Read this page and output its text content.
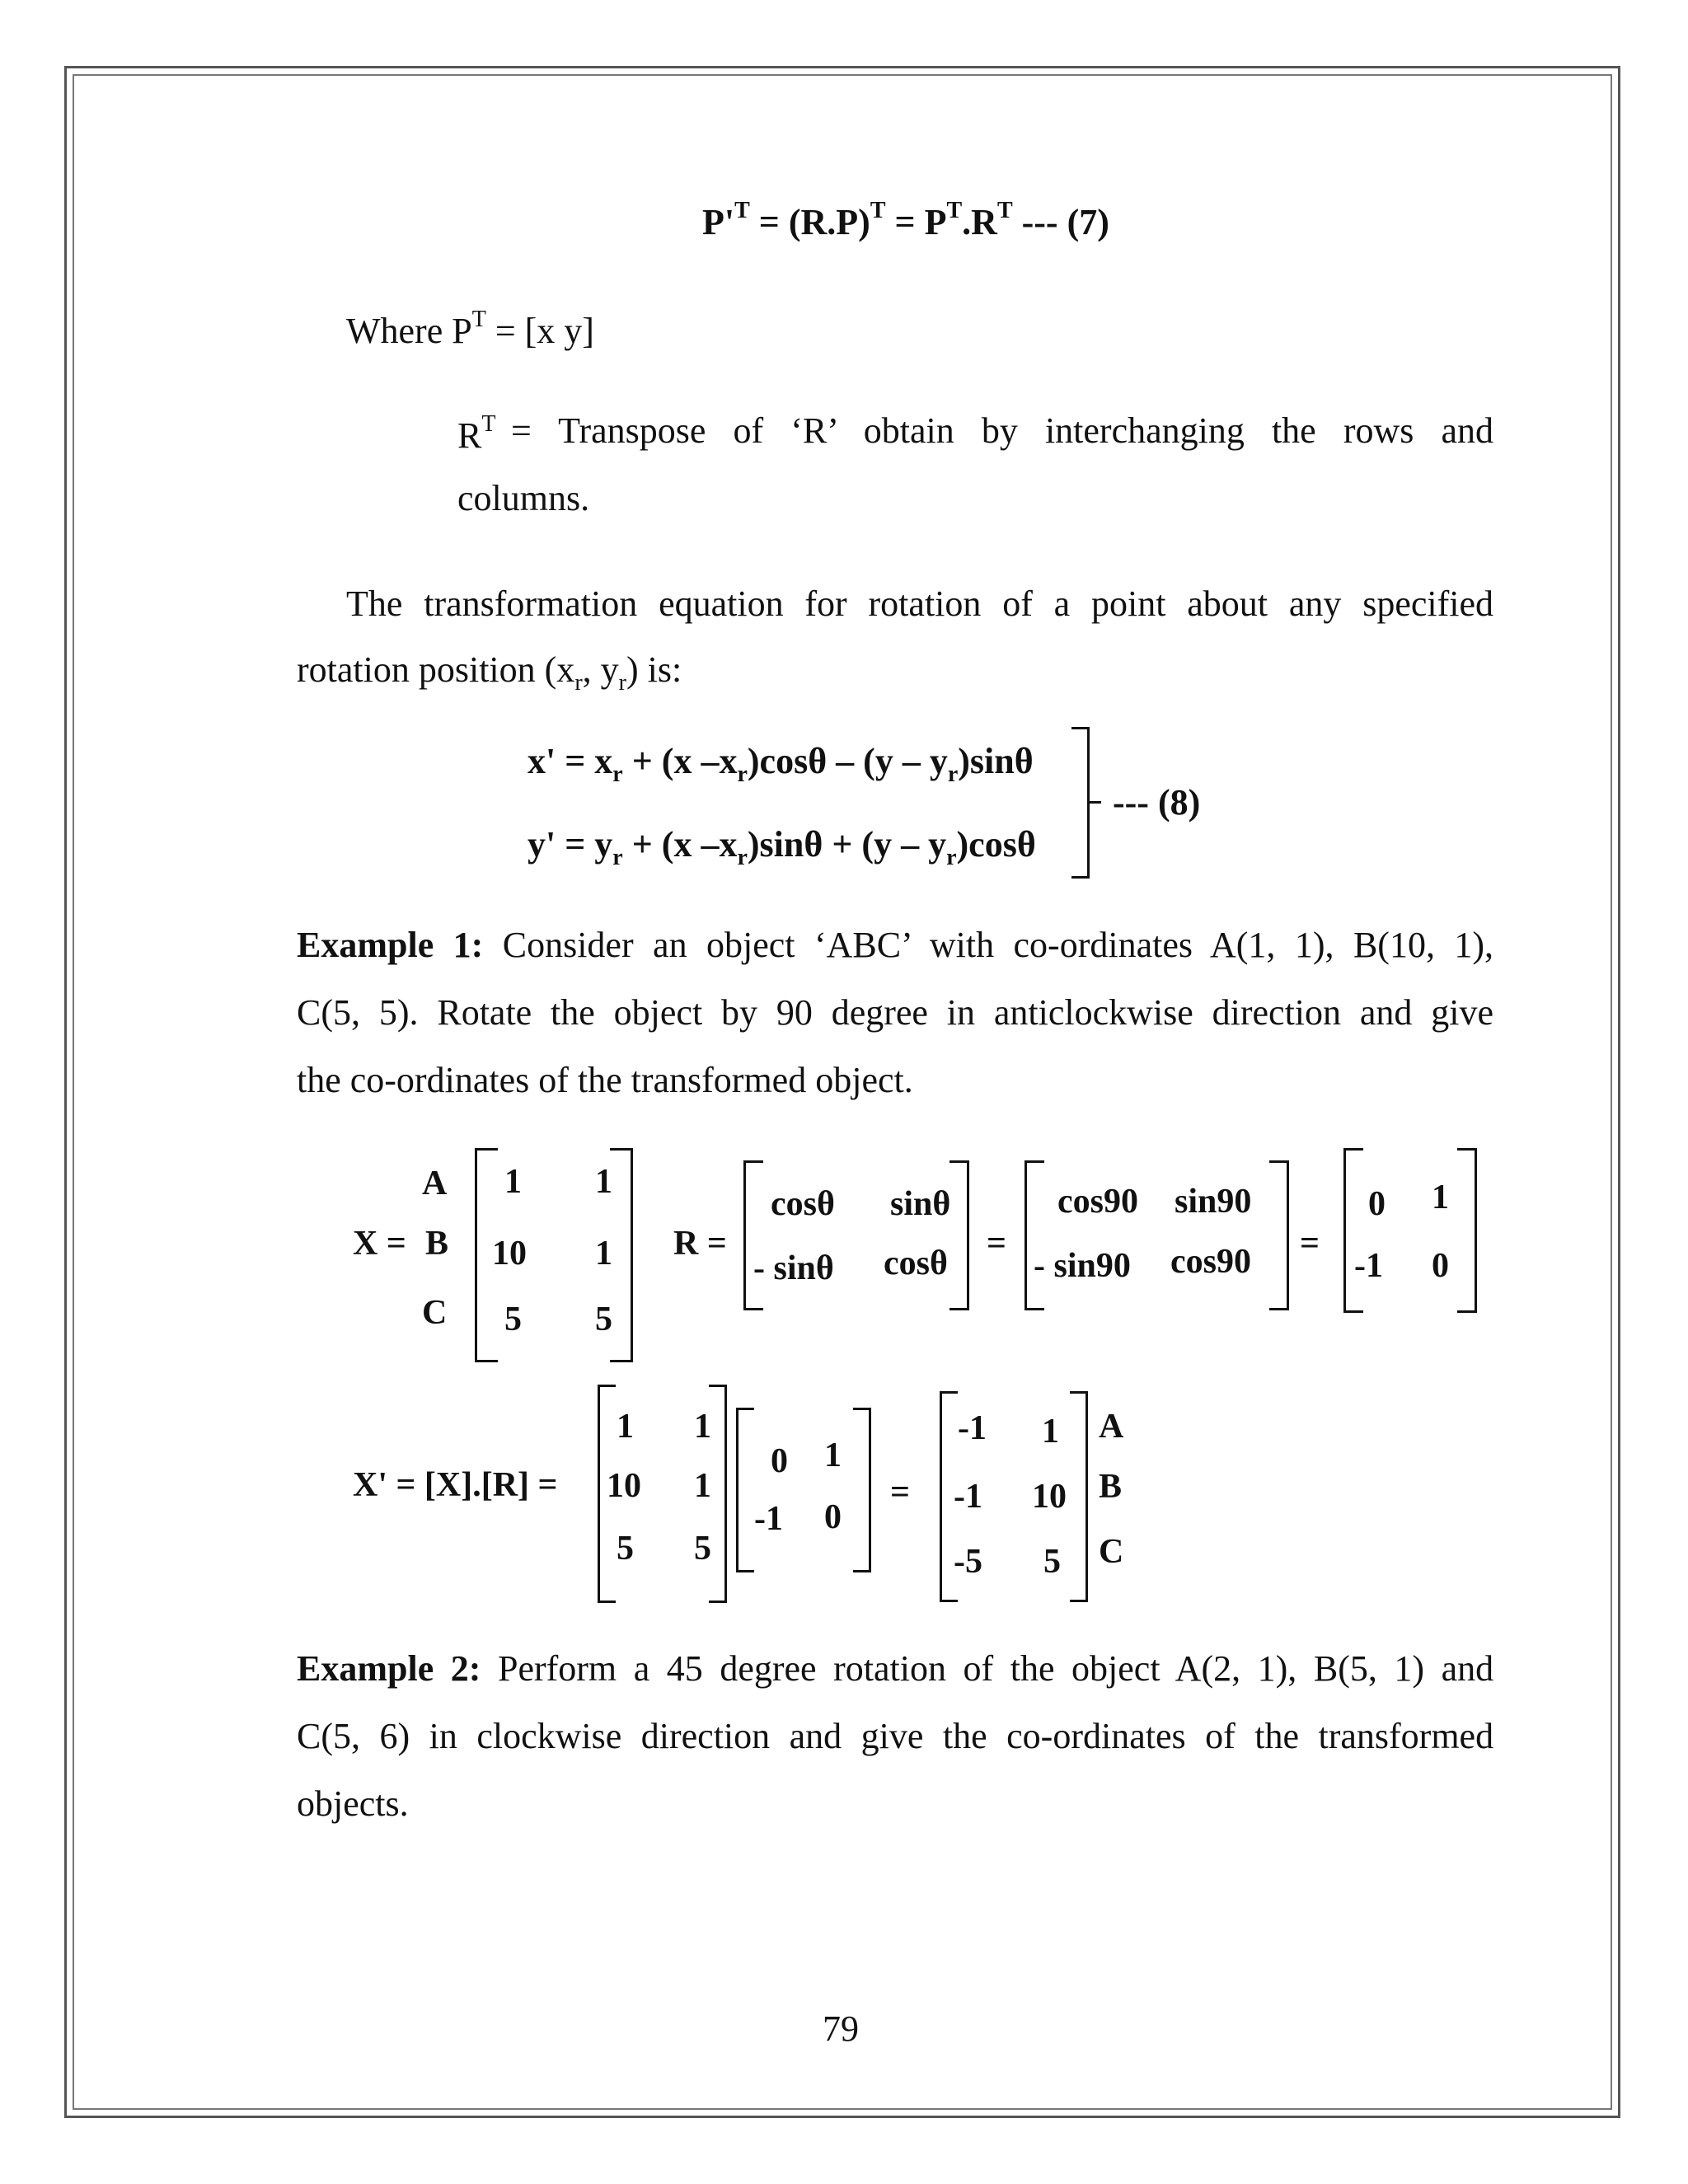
$P'^T = (R.P)^T = P^T.R^T$ --- (7)
Where $P^T = [x$ y]
$R^T$ = Transpose of ‘R’ obtain by interchanging the rows and
columns.
The transformation equation for rotation of a point about any specified
rotation position ($x_r$, $y_r$) is:
$x' = x_r + (x$ $-x_r)\cos\theta - (y - y_r)\sin\theta$
$y' = y_r + (x$ $-x_r)\sin\theta + (y - y_r)\cos\theta$
--- (8)
Example 1: Consider an object ‘ABC’ with co-ordinates A(1, 1), B(10, 1),
C(5, 5). Rotate the object by 90 degree in anticlockwise direction and give
the co-ordinates of the transformed object.
A
X = B
C
1 1
10 1
5 5
R =
cosθ sinθ
- sinθ cosθ
=
cos90 sin90
- sin90 cos90 =
0 1
-1 0
X' = [X].[R] =
1 1
10 1
5 5
0 1
-1 0
=
-1 1
-1 10
-5 5
A
B
C
Example 2: Perform a 45 degree rotation of the object A(2, 1), B(5, 1) and
C(5, 6) in clockwise direction and give the co-ordinates of the transformed
objects.
79
